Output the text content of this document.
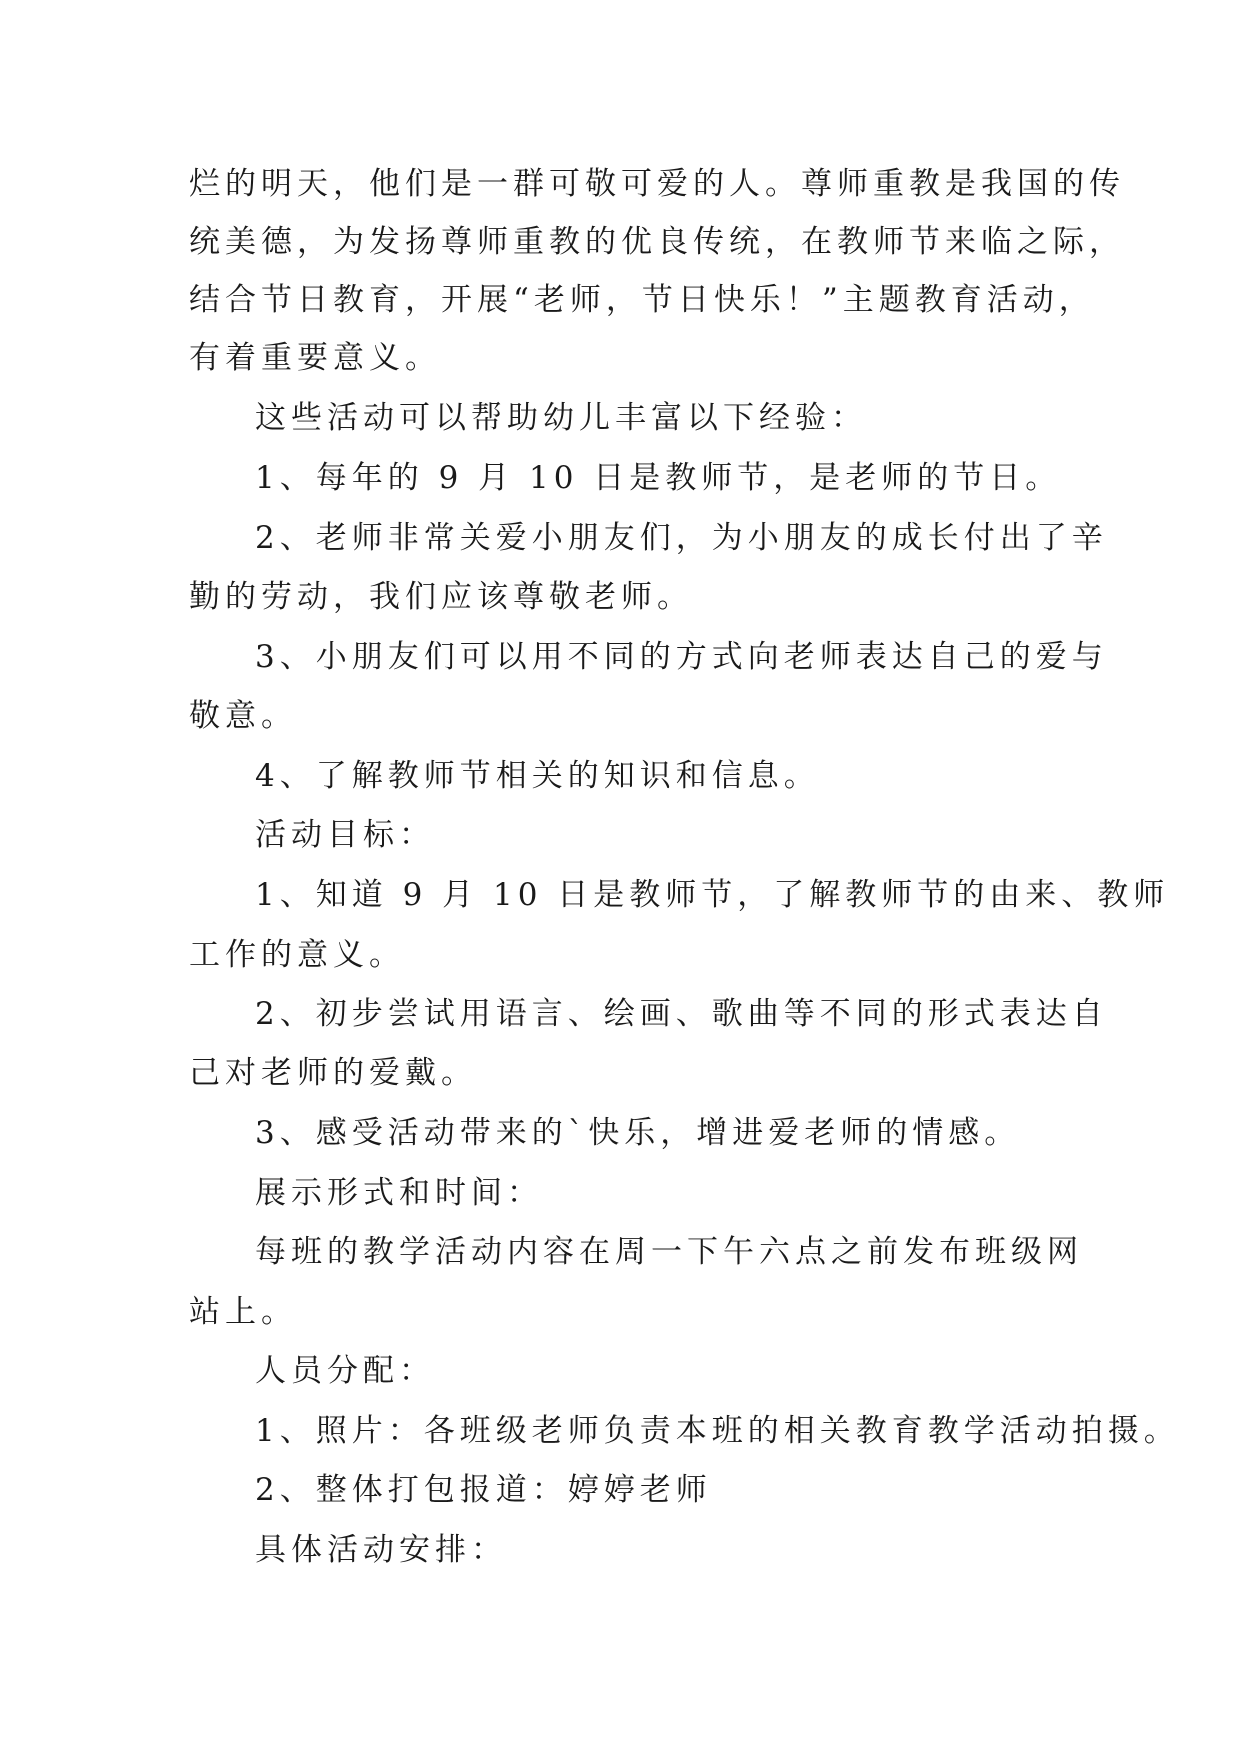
烂的明天，他们是一群可敬可爱的人。尊师重教是我国的传
统美德，为发扬尊师重教的优良传统，在教师节来临之际，
结合节日教育，开展“老师，节日快乐！”主题教育活动，
有着重要意义。
这些活动可以帮助幼儿丰富以下经验：
1、每年的 9 月 10 日是教师节，是老师的节日。
2、老师非常关爱小朋友们，为小朋友的成长付出了辛
勤的劳动，我们应该尊敬老师。
3、小朋友们可以用不同的方式向老师表达自己的爱与
敬意。
4、了解教师节相关的知识和信息。
活动目标：
1、知道 9 月 10 日是教师节，了解教师节的由来、教师
工作的意义。
2、初步尝试用语言、绘画、歌曲等不同的形式表达自
己对老师的爱戴。
3、感受活动带来的`快乐，增进爱老师的情感。
展示形式和时间：
每班的教学活动内容在周一下午六点之前发布班级网
站上。
人员分配：
1、照片：各班级老师负责本班的相关教育教学活动拍摄。
2、整体打包报道：婷婷老师
具体活动安排：
